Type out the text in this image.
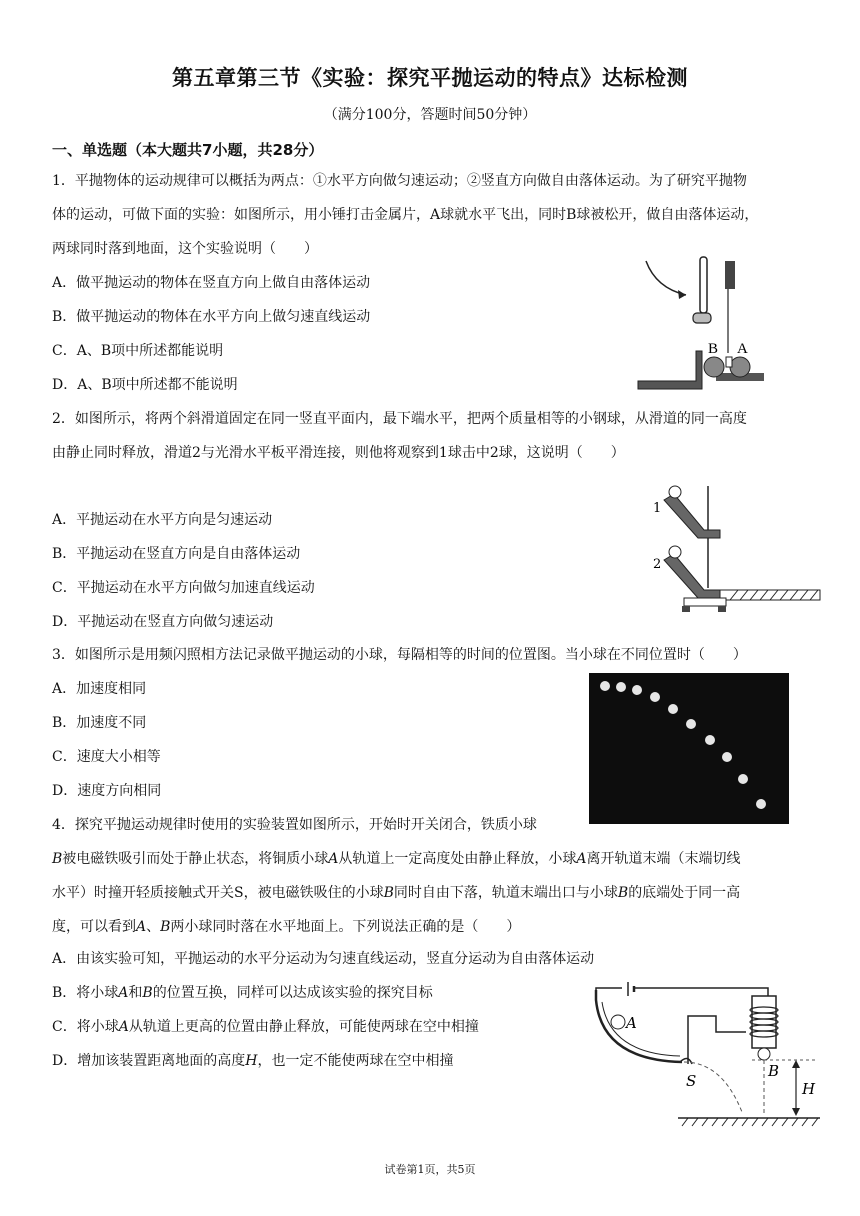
第五章第三节《实验：探究平抛运动的特点》达标检测
（满分100分，答题时间50分钟）
一、单选题（本大题共7小题，共28分）
1．平抛物体的运动规律可以概括为两点：①水平方向做匀速运动；②竖直方向做自由落体运动。为了研究平抛物
体的运动，可做下面的实验：如图所示，用小锤打击金属片，A球就水平飞出，同时B球被松开，做自由落体运动，
两球同时落到地面，这个实验说明（　　）
A．做平抛运动的物体在竖直方向上做自由落体运动
B．做平抛运动的物体在水平方向上做匀速直线运动
C．A、B项中所述都能说明
D．A、B项中所述都不能说明
B A
2．如图所示，将两个斜滑道固定在同一竖直平面内，最下端水平，把两个质量相等的小钢球，从滑道的同一高度
由静止同时释放，滑道2与光滑水平板平滑连接，则他将观察到1球击中2球，这说明（　　）
A．平抛运动在水平方向是匀速运动
B．平抛运动在竖直方向是自由落体运动
C．平抛运动在水平方向做匀加速直线运动
D．平抛运动在竖直方向做匀速运动
1
2
3．如图所示是用频闪照相方法记录做平抛运动的小球，每隔相等的时间的位置图。当小球在不同位置时（　　）
A．加速度相同
B．加速度不同
C．速度大小相等
D．速度方向相同
4．探究平抛运动规律时使用的实验装置如图所示，开始时开关闭合，铁质小球
B被电磁铁吸引而处于静止状态，将铜质小球A从轨道上一定高度处由静止释放，小球A离开轨道末端（末端切线
水平）时撞开轻质接触式开关S，被电磁铁吸住的小球B同时自由下落，轨道末端出口与小球B的底端处于同一高
度，可以看到A、B两小球同时落在水平地面上。下列说法正确的是（　　）
A．由该实验可知，平抛运动的水平分运动为匀速直线运动，竖直分运动为自由落体运动
B．将小球A和B的位置互换，同样可以达成该实验的探究目标
C．将小球A从轨道上更高的位置由静止释放，可能使两球在空中相撞
D．增加该装置距离地面的高度H，也一定不能使两球在空中相撞
A
S
B
H
试卷第1页，共5页
